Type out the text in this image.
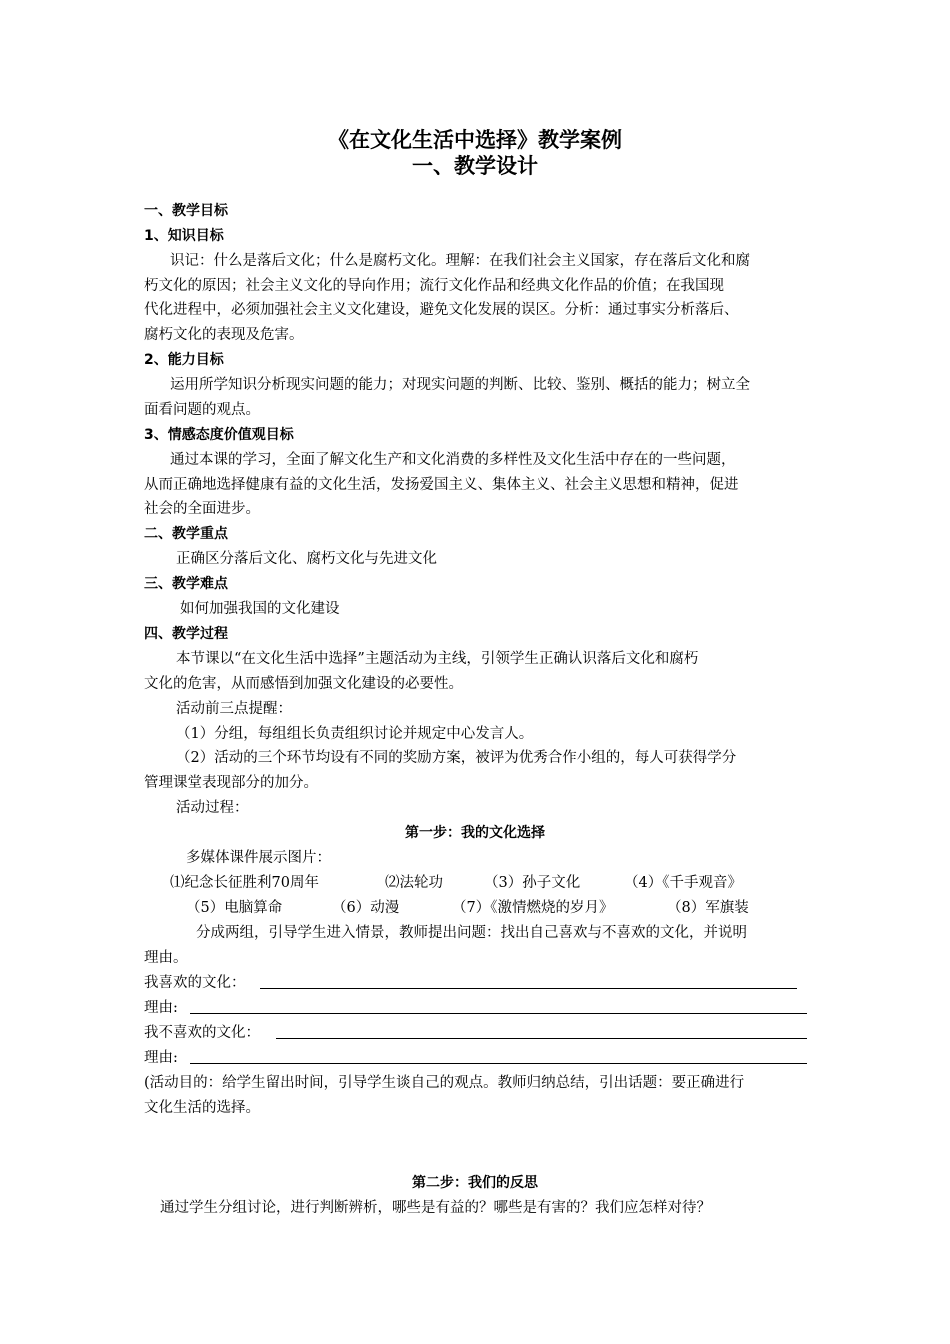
《在文化生活中选择》教学案例
一、教学设计
一、教学目标
1、知识目标
识记：什么是落后文化；什么是腐朽文化。理解：在我们社会主义国家，存在落后文化和腐
朽文化的原因；社会主义文化的导向作用；流行文化作品和经典文化作品的价值；在我国现
代化进程中，必须加强社会主义文化建设，避免文化发展的误区。分析：通过事实分析落后、
腐朽文化的表现及危害。
2、能力目标
运用所学知识分析现实问题的能力；对现实问题的判断、比较、鉴别、概括的能力；树立全
面看问题的观点。
3、情感态度价值观目标
通过本课的学习，全面了解文化生产和文化消费的多样性及文化生活中存在的一些问题，
从而正确地选择健康有益的文化生活，发扬爱国主义、集体主义、社会主义思想和精神，促进
社会的全面进步。
二、教学重点
正确区分落后文化、腐朽文化与先进文化
三、教学难点
如何加强我国的文化建设
四、教学过程
本节课以“在文化生活中选择”主题活动为主线，引领学生正确认识落后文化和腐朽
文化的危害，从而感悟到加强文化建设的必要性。
活动前三点提醒：
（1）分组，每组组长负责组织讨论并规定中心发言人。
（2）活动的三个环节均设有不同的奖励方案，被评为优秀合作小组的，每人可获得学分
管理课堂表现部分的加分。
活动过程：
第一步：我的文化选择
多媒体课件展示图片：
⑴纪念长征胜利70周年	⑵法轮功	（3）孙子文化	（4）《千手观音》
（5）电脑算命	（6）动漫	（7）《激情燃烧的岁月》	（8）军旗装
分成两组，引导学生进入情景，教师提出问题：找出自己喜欢与不喜欢的文化，并说明
理由。
我喜欢的文化：
理由:
我不喜欢的文化：
理由:
(活动目的：给学生留出时间，引导学生谈自己的观点。教师归纳总结，引出话题：要正确进行
文化生活的选择。
第二步：我们的反思
通过学生分组讨论，进行判断辨析，哪些是有益的？哪些是有害的？我们应怎样对待？
